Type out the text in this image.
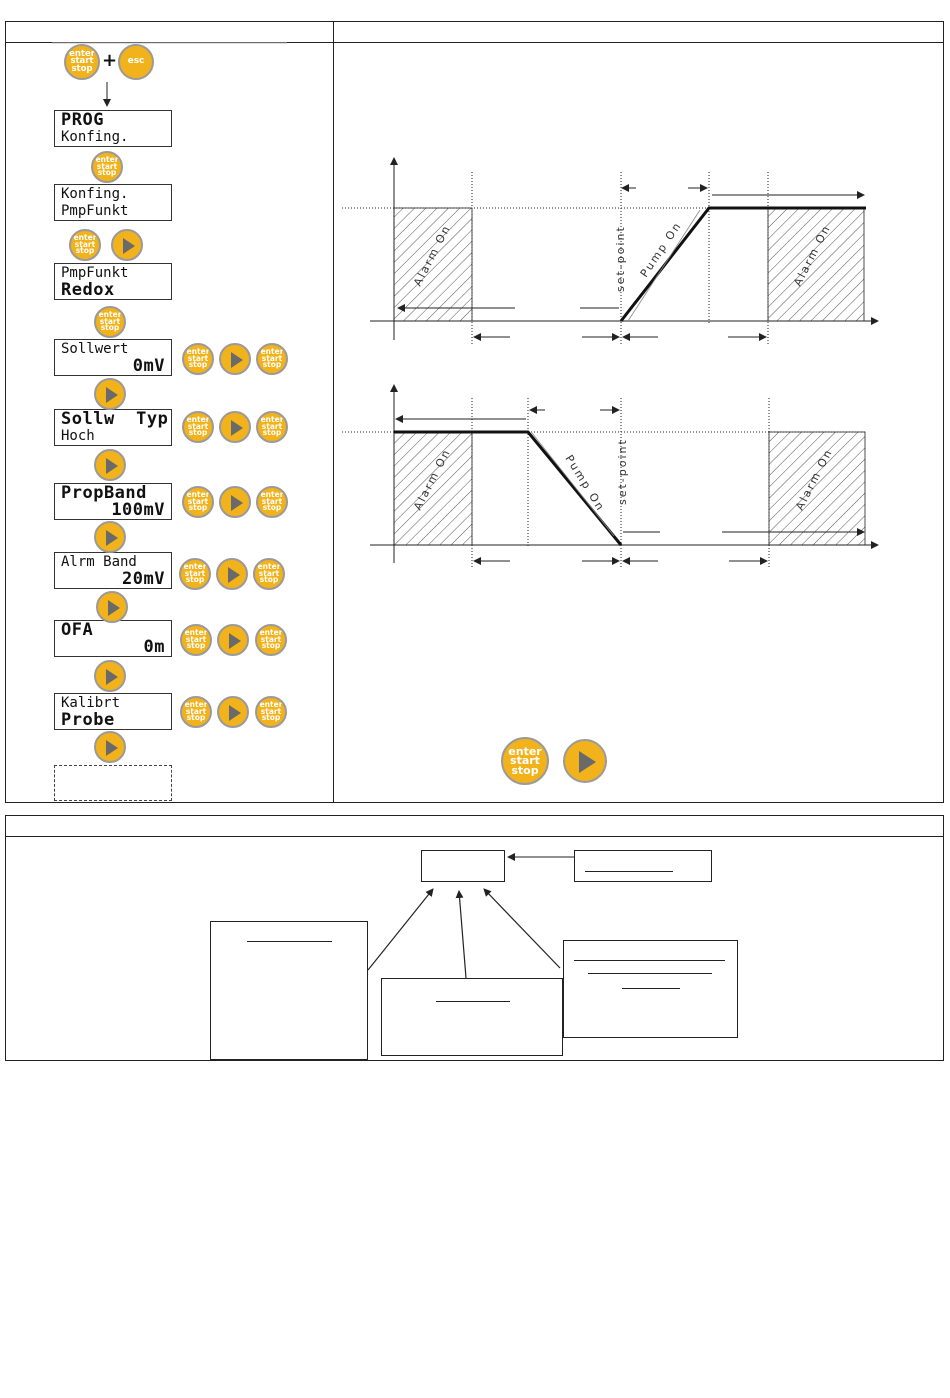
enter
start
stop + esc
PROG
Konfing.
Konfing.
PmpFunkt
PmpFunkt
Redox
Sollwert
0mV
Sollw  Typ
Hoch
PropBand
100mV
Alrm Band
20mV
OFA
0m
Kalibrt
Probe
enter
start
stop
enter
start
stop
enter
start
stop
enter
start
stop
enter
start
stop
enter
start
stop
enter
start
stop
enter
start
stop
enter
start
stop
enter
start
stop
enter
start
stop
enter
start
stop
enter
start
stop
enter
start
stop
enter
start
stop
enter
start
stop
Alarm On	Alarm On
Pump On
set-point
Alarm On	Alarm On
Pump On set-point
